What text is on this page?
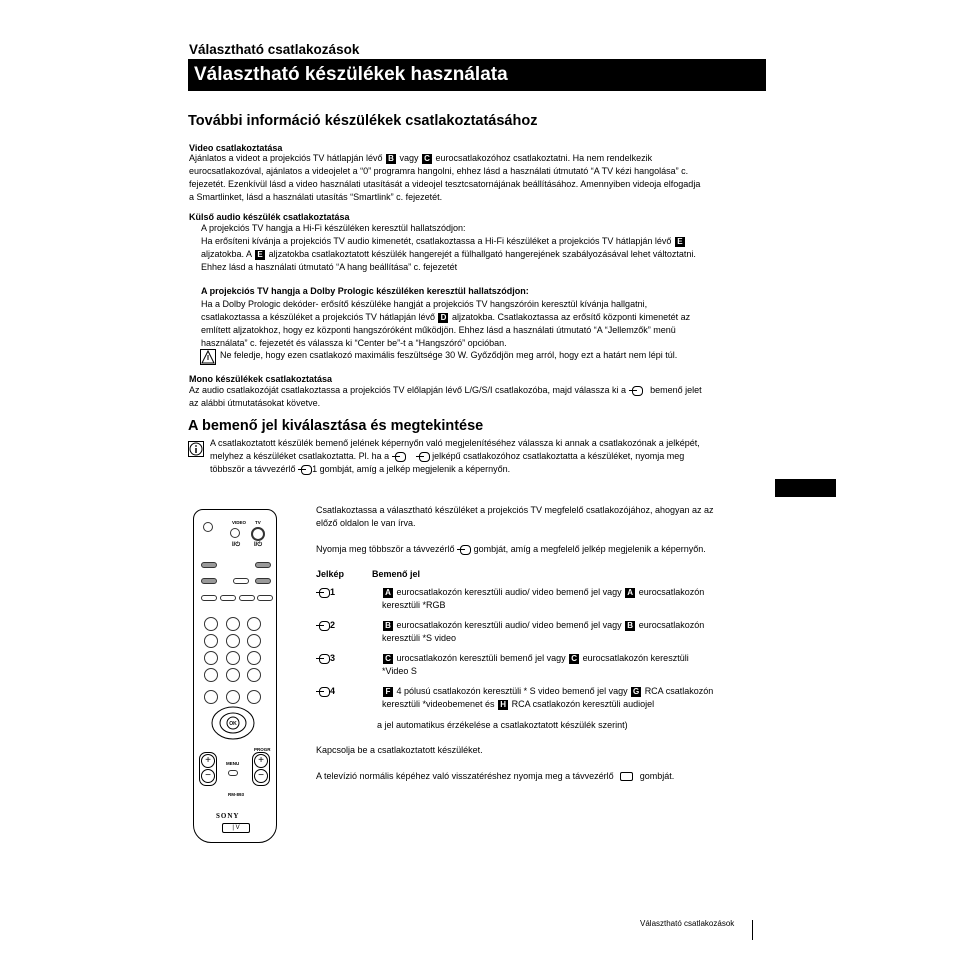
Választható csatlakozások
Választható készülékek használata
További információ készülékek csatlakoztatásához
Video csatlakoztatása
Ajánlatos a videot a projekciós TV hátlapján lévő B vagy C eurocsatlakozóhoz csatlakoztatni. Ha nem rendelkezik
eurocsatlakozóval, ajánlatos a videojelet a “0” programra hangolni, ehhez lásd a használati útmutató “A TV kézi hangolása” c.
fejezetét. Ezenkívül lásd a video használati utasítását a videojel tesztcsatornájának beállításához. Amennyiben videoja elfogadja
a Smartlinket, lásd a használati utasítás “Smartlink” c. fejezetét.
Külső audio készülék csatlakoztatása
A projekciós TV hangja a Hi-Fi készüléken keresztül hallatszódjon:
Ha erősíteni kívánja a projekciós TV audio kimenetét, csatlakoztassa a Hi-Fi készüléket a projekciós TV hátlapján lévő E
aljzatokba. A E aljzatokba csatlakoztatott készülék hangerejét a fülhallgató hangerejének szabályozásával lehet változtatni.
Ehhez lásd a használati útmutató “A hang beállítása” c. fejezetét
A projekciós TV hangja a Dolby Prologic készüléken keresztül hallatszódjon:
Ha a Dolby Prologic dekóder- erősítő készüléke hangját a projekciós TV hangszóróin keresztül kívánja hallgatni,
csatlakoztassa a készüléket a projekciós TV hátlapján lévő D aljzatokba. Csatlakoztassa az erősítő központi kimenetét az
említett aljzatokhoz, hogy ez központi hangszóróként működjön. Ehhez lásd a használati útmutató “A “Jellemzők” menü
használata” c. fejezetét és válassza ki “Center be”-t a “Hangszóró” opcióban.
Ne feledje, hogy ezen csatlakozó maximális feszültsége 30 W. Győződjön meg arról, hogy ezt a határt nem lépi túl.
Mono készülékek csatlakoztatása
Az audio csatlakozóját csatlakoztassa a projekciós TV előlapján lévő L/G/S/I csatlakozóba, majd válassza ki a	bemenő jelet
az alábbi útmutatásokat követve.
A bemenő jel kiválasztása és megtekintése
A csatlakoztatott készülék bemenő jelének képernyőn való megjelenítéséhez válassza ki annak a csatlakozónak a jelképét,
melyhez a készüléket csatlakoztatta. Pl. ha a	jelképű csatlakozóhoz csatlakoztatta a készüléket, nyomja meg
többször a távvezérlő 1 gombját, amíg a jelkép megjelenik a képernyőn.
VIDEO TV
I/⏻ I/⏻
OK
PROGR
MENU
+
−
+
−
RM-893
SONY
| V
Csatlakoztassa a választható készüléket a projekciós TV megfelelő csatlakozójához, ahogyan az az
előző oldalon le van írva.
Nyomja meg többször a távvezérlő gombját, amíg a megfelelő jelkép megjelenik a képernyőn.
Jelkép	Bemenő jel
1	A eurocsatlakozón keresztüli audio/ video bemenő jel vagy A eurocsatlakozón
keresztüli *RGB
2	B eurocsatlakozón keresztüli audio/ video bemenő jel vagy B eurocsatlakozón
keresztüli *S video
3	C urocsatlakozón keresztüli bemenő jel vagy C eurocsatlakozón keresztüli
*Video S
4	F 4 pólusú csatlakozón keresztüli * S video bemenő jel vagy G RCA csatlakozón
keresztüli *videobemenet és H RCA csatlakozón keresztüli audiojel
a jel automatikus érzékelése a csatlakoztatott készülék szerint)
Kapcsolja be a csatlakoztatott készüléket.
A televízió normális képéhez való visszatéréshez nyomja meg a távvezérlő	gombját.
Választható csatlakozások
